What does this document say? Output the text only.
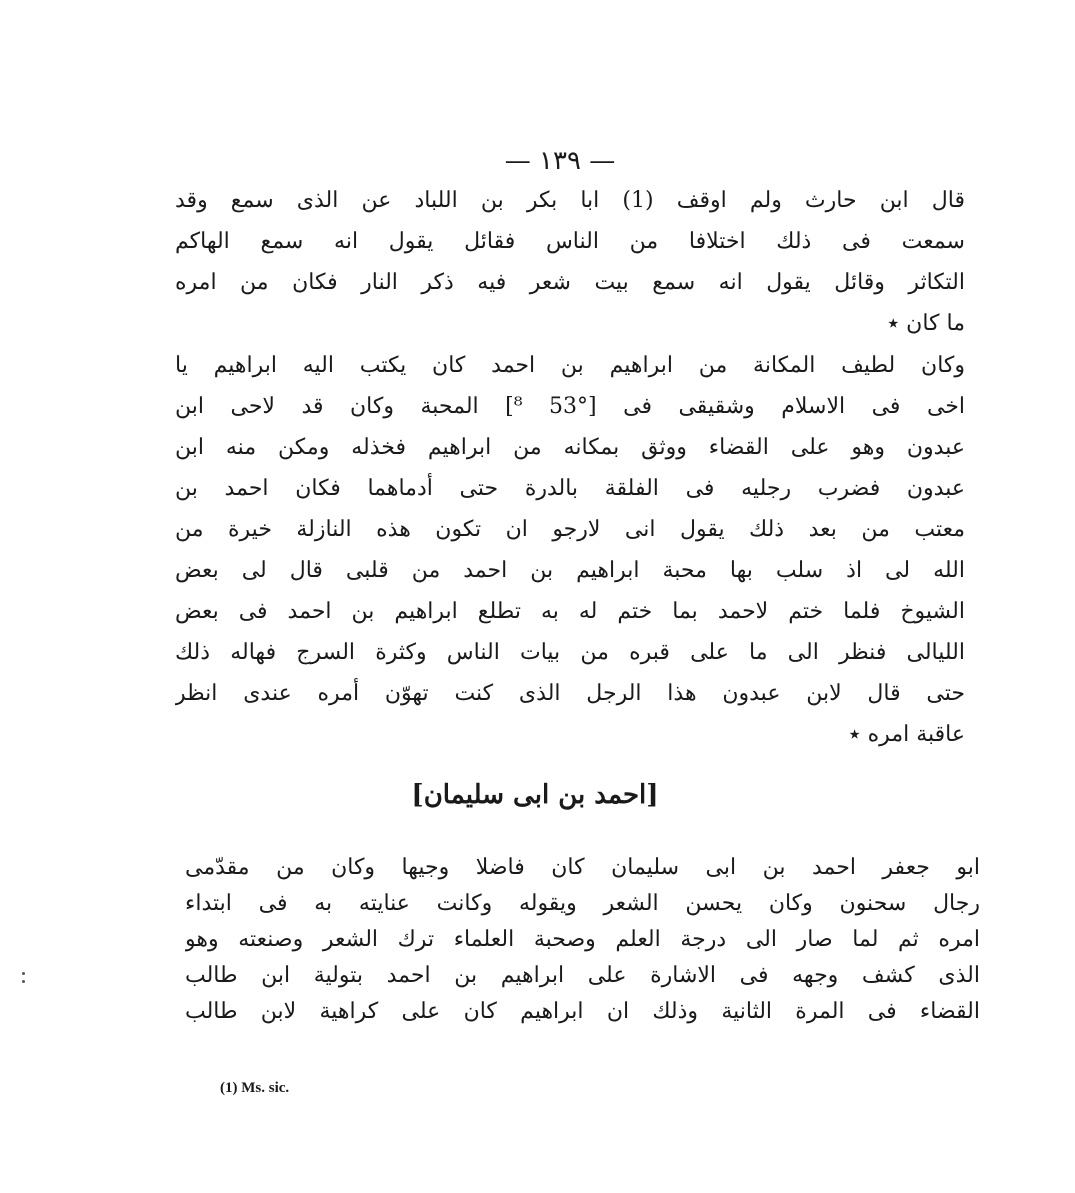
— ١٣٩ —
قال ابن حارث ولم اوقف (1) ابا بكر بن اللباد عن الذى سمع وقد
سمعت فى ذلك اختلافا من الناس فقائل يقول انه سمع الهاكم
التكاثر وقائل يقول انه سمع بيت شعر فيه ذكر النار فكان من امره
ما كان ٭
وكان لطيف المكانة من ابراهيم بن احمد كان يكتب اليه ابراهيم يا
اخى فى الاسلام وشقيقى فى [°53 ⁸] المحبة وكان قد لاحى ابن
عبدون وهو على القضاء ووثق بمكانه من ابراهيم فخذله ومكن منه ابن
عبدون فضرب رجليه فى الفلقة بالدرة حتى أدماهما فكان احمد بن
معتب من بعد ذلك يقول انى لارجو ان تكون هذه النازلة خيرة من
الله لى اذ سلب بها محبة ابراهيم بن احمد من قلبى قال لى بعض
الشيوخ فلما ختم لاحمد بما ختم له به تطلع ابراهيم بن احمد فى بعض
الليالى فنظر الى ما على قبره من بيات الناس وكثرة السرج فهاله ذلك
حتى قال لابن عبدون هذا الرجل الذى كنت تهوّن أمره عندى انظر
عاقبة امره ٭
[احمد بن ابى سليمان]
ابو جعفر احمد بن ابى سليمان كان فاضلا وجيها وكان من مقدّمى
رجال سحنون وكان يحسن الشعر ويقوله وكانت عنايته به فى ابتداء
امره ثم لما صار الى درجة العلم وصحبة العلماء ترك الشعر وصنعته وهو
الذى كشف وجهه فى الاشارة على ابراهيم بن احمد بتولية ابن طالب
القضاء فى المرة الثانية وذلك ان ابراهيم كان على كراهية لابن طالب
(1) Ms. sic.
